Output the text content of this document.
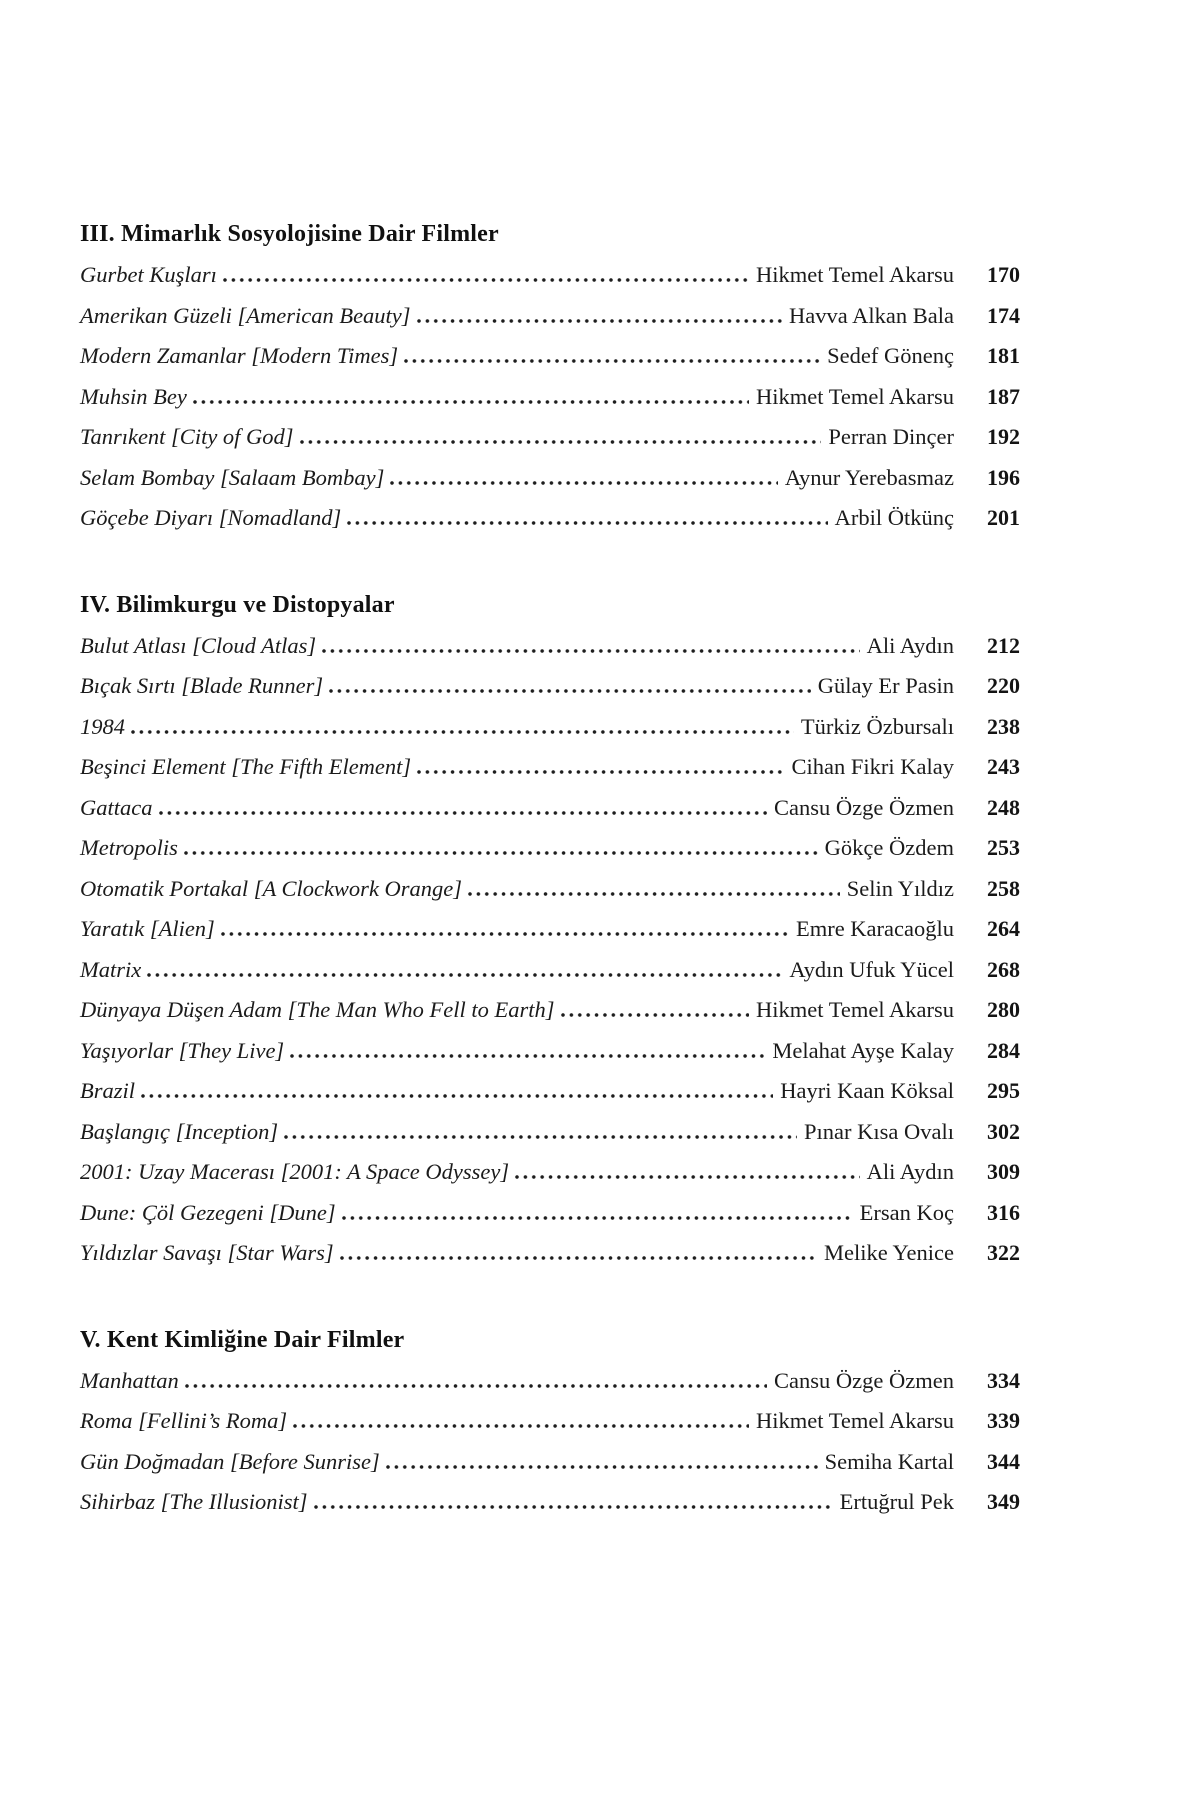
III. Mimarlık Sosyolojisine Dair Filmler
Gurbet Kuşları	Hikmet Temel Akarsu	170
Amerikan Güzeli [American Beauty]	Havva Alkan Bala	174
Modern Zamanlar [Modern Times]	Sedef Gönenç	181
Muhsin Bey	Hikmet Temel Akarsu	187
Tanrıkent [City of God]	Perran Dinçer	192
Selam Bombay [Salaam Bombay]	Aynur Yerebasmaz	196
Göçebe Diyarı [Nomadland]	Arbil Ötkünç	201
IV. Bilimkurgu ve Distopyalar
Bulut Atlası [Cloud Atlas]	Ali Aydın	212
Bıçak Sırtı [Blade Runner]	Gülay Er Pasin	220
1984	Türkiz Özbursalı	238
Beşinci Element [The Fifth Element]	Cihan Fikri Kalay	243
Gattaca	Cansu Özge Özmen	248
Metropolis	Gökçe Özdem	253
Otomatik Portakal [A Clockwork Orange]	Selin Yıldız	258
Yaratık [Alien]	Emre Karacaoğlu	264
Matrix	Aydın Ufuk Yücel	268
Dünyaya Düşen Adam [The Man Who Fell to Earth]	Hikmet Temel Akarsu	280
Yaşıyorlar [They Live]	Melahat Ayşe Kalay	284
Brazil	Hayri Kaan Köksal	295
Başlangıç [Inception]	Pınar Kısa Ovalı	302
2001: Uzay Macerası [2001: A Space Odyssey]	Ali Aydın	309
Dune: Çöl Gezegeni [Dune]	Ersan Koç	316
Yıldızlar Savaşı [Star Wars]	Melike Yenice	322
V. Kent Kimliğine Dair Filmler
Manhattan	Cansu Özge Özmen	334
Roma [Fellini’s Roma]	Hikmet Temel Akarsu	339
Gün Doğmadan [Before Sunrise]	Semiha Kartal	344
Sihirbaz [The Illusionist]	Ertuğrul Pek	349
